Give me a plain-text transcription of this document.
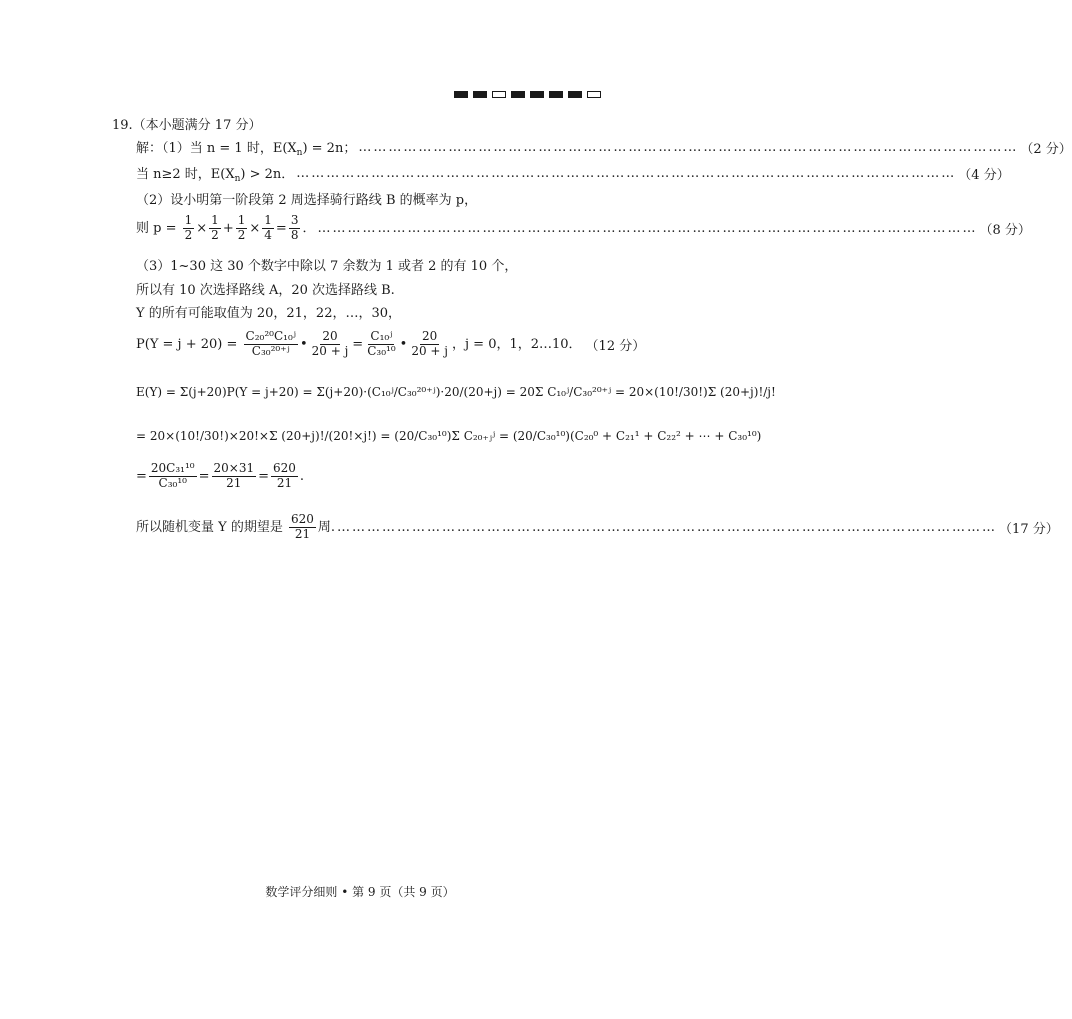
19.（本小题满分 17 分）
解：（1）当 n = 1 时，$E(X_n) = 2n$； …………………………………………………………………………………………………………………… （2 分）
当 n≥2 时，$E(X_n) > 2n$． …………………………………………………………………………………………………………………… （4 分）
（2）设小明第一阶段第 2 周选择骑行路线 B 的概率为 p，
则 $p = \frac{1}{2} \times \frac{1}{2} + \frac{1}{2} \times \frac{1}{4} = \frac{3}{8}$ ． …………………………………………………………………………………………………………………… （8 分）
（3）1~30 这 30 个数字中除以 7 余数为 1 或者 2 的有 10 个，
所以有 10 次选择路线 A，20 次选择路线 B.
Y 的所有可能取值为 20，21，22，…，30，
$P(Y = j + 20) = \frac{\text{C₂₀²⁰C₁₀ʲ}}{\text{C₃₀²⁰⁺ʲ}}$ • $\frac{20}{20 + j} = \frac{\text{C₁₀ʲ}}{\text{C₃₀¹⁰}}$ • $\frac{20}{20 + j}$ ，j = 0，1，2…10． （12 分）
E(Y) = Σ(j+20)P(Y = j+20) = Σ(j+20)·(C₁₀ʲ/C₃₀²⁰⁺ʲ)·20/(20+j) = 20Σ C₁₀ʲ/C₃₀²⁰⁺ʲ = 20×(10!/30!)Σ (20+j)!/j!
= 20×(10!/30!)×20!×Σ (20+j)!/(20!×j!) = (20/C₃₀¹⁰)Σ C₂₀₊ⱼʲ = (20/C₃₀¹⁰)(C₂₀⁰ + C₂₁¹ + C₂₂² + ⋯ + C₃₀¹⁰)
= $\frac{\text{20C₃₁¹⁰}}{\text{C₃₀¹⁰}} = \frac{20\times 31}{21} = \frac{620}{21}$ .
所以随机变量 Y 的期望是 $\frac{620}{21}$ 周. …………………………………………………………………………………………………………………… （17 分）
数学评分细则 • 第 9 页（共 9 页）
